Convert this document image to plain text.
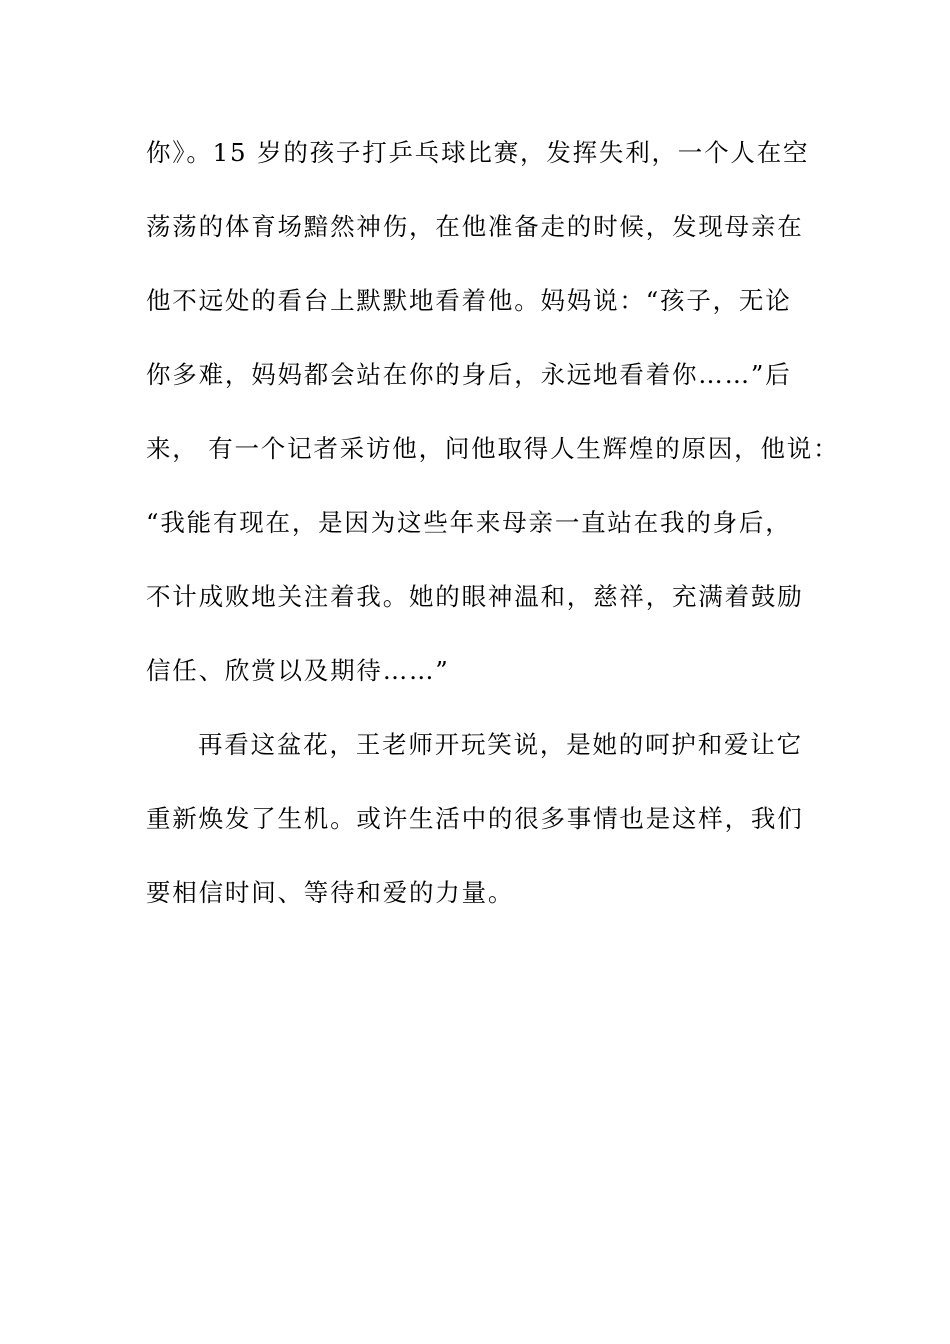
你》。15 岁的孩子打乒乓球比赛，发挥失利，一个人在空
荡荡的体育场黯然神伤，在他准备走的时候，发现母亲在
他不远处的看台上默默地看着他。妈妈说：“孩子，无论
你多难，妈妈都会站在你的身后，永远地看着你……”后
来， 有一个记者采访他，问他取得人生辉煌的原因，他说：
“我能有现在，是因为这些年来母亲一直站在我的身后，
不计成败地关注着我。她的眼神温和，慈祥，充满着鼓励
信任、欣赏以及期待……”
再看这盆花，王老师开玩笑说，是她的呵护和爱让它
重新焕发了生机。或许生活中的很多事情也是这样，我们
要相信时间、等待和爱的力量。
